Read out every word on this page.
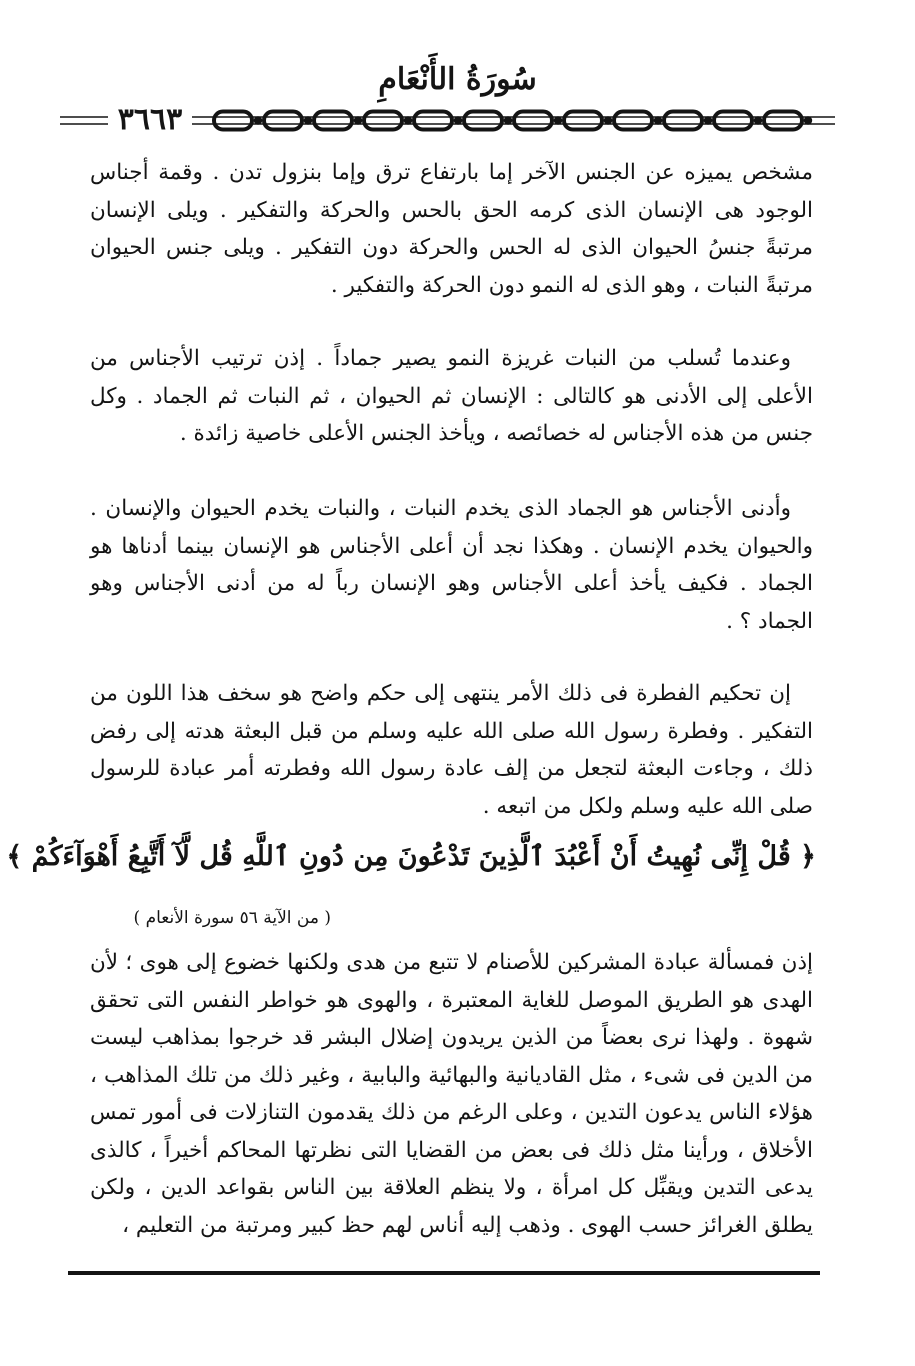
سُورَةُ الأَنْعَامِ
٣٦٦٣

مشخص يميزه عن الجنس الآخر إما بارتفاع ترق وإما بنزول تدن . وقمة أجناس الوجود هى الإنسان الذى كرمه الحق بالحس والحركة والتفكير . ويلى الإنسان مرتبةً جنسُ الحيوان الذى له الحس والحركة دون التفكير . ويلى جنس الحيوان مرتبةً النبات ، وهو الذى له النمو دون الحركة والتفكير .

وعندما تُسلب من النبات غريزة النمو يصير جماداً . إذن ترتيب الأجناس من الأعلى إلى الأدنى هو كالتالى : الإنسان ثم الحيوان ، ثم النبات ثم الجماد . وكل جنس من هذه الأجناس له خصائصه ، ويأخذ الجنس الأعلى خاصية زائدة .

وأدنى الأجناس هو الجماد الذى يخدم النبات ، والنبات يخدم الحيوان والإنسان . والحيوان يخدم الإنسان . وهكذا نجد أن أعلى الأجناس هو الإنسان بينما أدناها هو الجماد . فكيف يأخذ أعلى الأجناس وهو الإنسان رباً له من أدنى الأجناس وهو الجماد ؟ .

إن تحكيم الفطرة فى ذلك الأمر ينتهى إلى حكم واضح هو سخف هذا اللون من التفكير . وفطرة رسول الله صلى الله عليه وسلم من قبل البعثة هدته إلى رفض ذلك ، وجاءت البعثة لتجعل من إلف عادة رسول الله وفطرته أمر عبادة للرسول صلى الله عليه وسلم ولكل من اتبعه .

﴿ قُلْ إِنِّى نُهِيتُ أَنْ أَعْبُدَ ٱلَّذِينَ تَدْعُونَ مِن دُونِ ٱللَّهِ قُل لَّآ أَتَّبِعُ أَهْوَآءَكُمْ ﴾
( من الآية ٥٦ سورة الأنعام )

إذن فمسألة عبادة المشركين للأصنام لا تتبع من هدى ولكنها خضوع إلى هوى ؛ لأن الهدى هو الطريق الموصل للغاية المعتبرة ، والهوى هو خواطر النفس التى تحقق شهوة . ولهذا نرى بعضاً من الذين يريدون إضلال البشر قد خرجوا بمذاهب ليست من الدين فى شىء ، مثل القاديانية والبهائية والبابية ، وغير ذلك من تلك المذاهب ، هؤلاء الناس يدعون التدين ، وعلى الرغم من ذلك يقدمون التنازلات فى أمور تمس الأخلاق ، ورأينا مثل ذلك فى بعض من القضايا التى نظرتها المحاكم أخيراً ، كالذى يدعى التدين ويقبِّل كل امرأة ، ولا ينظم العلاقة بين الناس بقواعد الدين ، ولكن يطلق الغرائز حسب الهوى . وذهب إليه أناس لهم حظ كبير ومرتبة من التعليم ،
